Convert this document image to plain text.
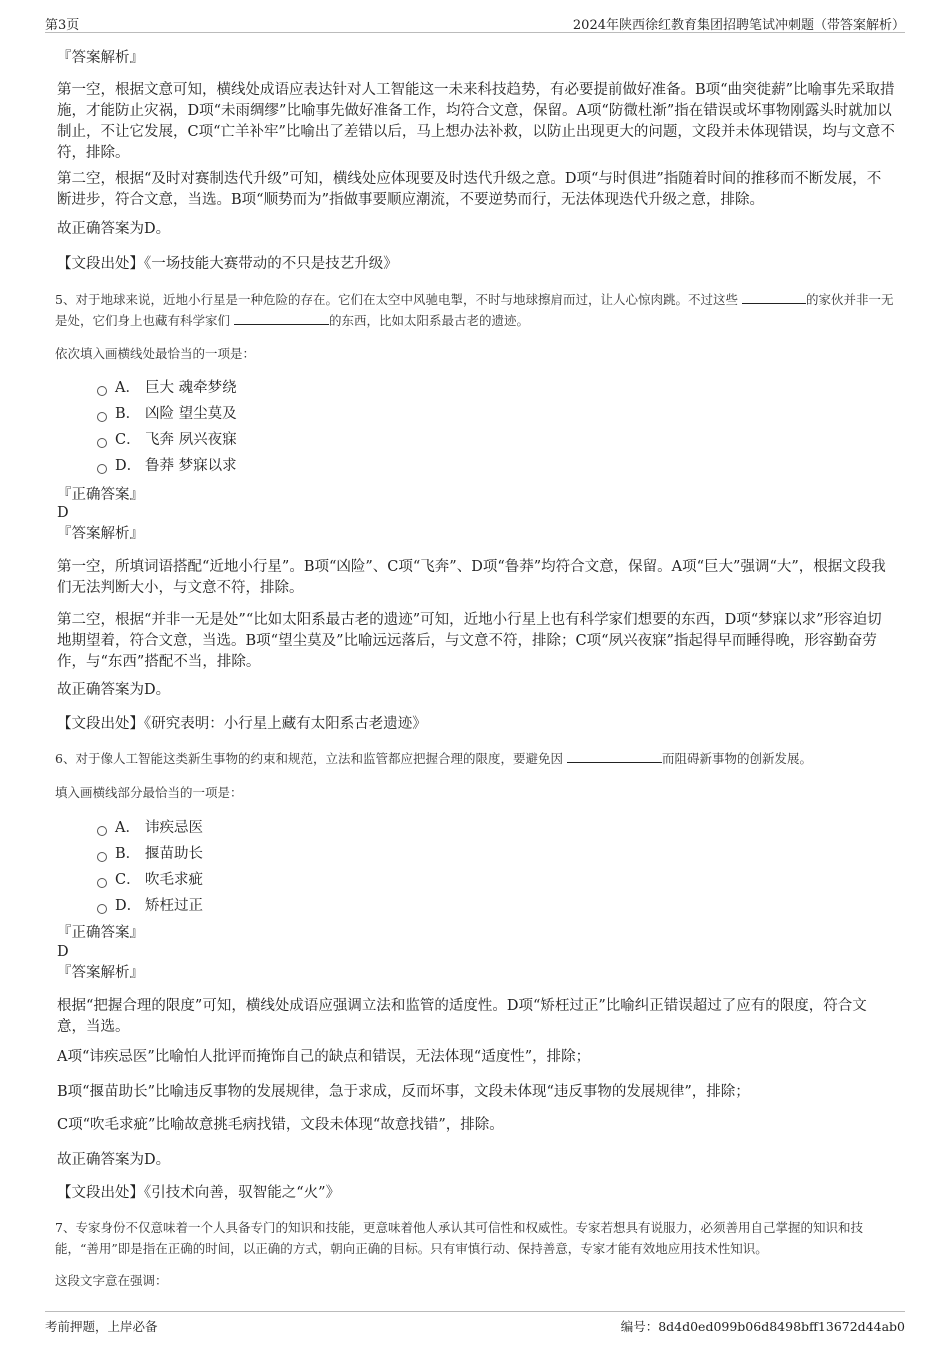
第3页	2024年陕西徐红教育集团招聘笔试冲刺题（带答案解析）

『答案解析』

第一空，根据文意可知，横线处成语应表达针对人工智能这一未来科技趋势，有必要提前做好准备。B项“曲突徙薪”比喻事先采取措施，才能防止灾祸，D项“未雨绸缪”比喻事先做好准备工作，均符合文意，保留。A项“防微杜渐”指在错误或坏事物刚露头时就加以制止，不让它发展，C项“亡羊补牢”比喻出了差错以后，马上想办法补救，以防止出现更大的问题，文段并未体现错误，均与文意不符，排除。

第二空，根据“及时对赛制迭代升级”可知，横线处应体现要及时迭代升级之意。D项“与时俱进”指随着时间的推移而不断发展，不断进步，符合文意，当选。B项“顺势而为”指做事要顺应潮流，不要逆势而行，无法体现迭代升级之意，排除。

故正确答案为D。

【文段出处】《一场技能大赛带动的不只是技艺升级》

5、对于地球来说，近地小行星是一种危险的存在。它们在太空中风驰电掣，不时与地球擦肩而过，让人心惊肉跳。不过这些	的家伙并非一无是处，它们身上也藏有科学家们	的东西，比如太阳系最古老的遗迹。

依次填入画横线处最恰当的一项是：

A． 巨大 魂牵梦绕
B． 凶险 望尘莫及
C． 飞奔 夙兴夜寐
D． 鲁莽 梦寐以求

『正确答案』

D

『答案解析』

第一空，所填词语搭配“近地小行星”。B项“凶险”、C项“飞奔”、D项“鲁莽”均符合文意，保留。A项“巨大”强调“大”，根据文段我们无法判断大小，与文意不符，排除。

第二空，根据“并非一无是处”“比如太阳系最古老的遗迹”可知，近地小行星上也有科学家们想要的东西，D项“梦寐以求”形容迫切地期望着，符合文意，当选。B项“望尘莫及”比喻远远落后，与文意不符，排除；C项“夙兴夜寐”指起得早而睡得晚，形容勤奋劳作，与“东西”搭配不当，排除。

故正确答案为D。

【文段出处】《研究表明：小行星上藏有太阳系古老遗迹》

6、对于像人工智能这类新生事物的约束和规范，立法和监管都应把握合理的限度，要避免因	而阻碍新事物的创新发展。

填入画横线部分最恰当的一项是：

A． 讳疾忌医
B． 揠苗助长
C． 吹毛求疵
D． 矫枉过正

『正确答案』

D

『答案解析』

根据“把握合理的限度”可知，横线处成语应强调立法和监管的适度性。D项“矫枉过正”比喻纠正错误超过了应有的限度，符合文意，当选。

A项“讳疾忌医”比喻怕人批评而掩饰自己的缺点和错误，无法体现“适度性”，排除；

B项“揠苗助长”比喻违反事物的发展规律，急于求成，反而坏事，文段未体现“违反事物的发展规律”，排除；

C项“吹毛求疵”比喻故意挑毛病找错，文段未体现“故意找错”，排除。

故正确答案为D。

【文段出处】《引技术向善，驭智能之“火”》

7、专家身份不仅意味着一个人具备专门的知识和技能，更意味着他人承认其可信性和权威性。专家若想具有说服力，必须善用自己掌握的知识和技能，“善用”即是指在正确的时间，以正确的方式，朝向正确的目标。只有审慎行动、保持善意，专家才能有效地应用技术性知识。

这段文字意在强调：

考前押题，上岸必备	编号：8d4d0ed099b06d8498bff13672d44ab0
